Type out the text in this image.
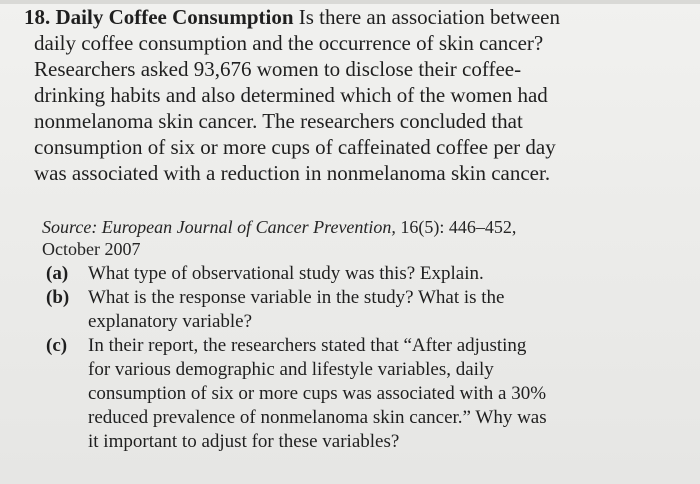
18. Daily Coffee Consumption Is there an association between
daily coffee consumption and the occurrence of skin cancer?
Researchers asked 93,676 women to disclose their coffee-
drinking habits and also determined which of the women had
nonmelanoma skin cancer. The researchers concluded that
consumption of six or more cups of caffeinated coffee per day
was associated with a reduction in nonmelanoma skin cancer.
Source: European Journal of Cancer Prevention, 16(5): 446–452,
October 2007
(a) What type of observational study was this? Explain.
(b) What is the response variable in the study? What is the
explanatory variable?
(c) In their report, the researchers stated that “After adjusting
for various demographic and lifestyle variables, daily
consumption of six or more cups was associated with a 30%
reduced prevalence of nonmelanoma skin cancer.” Why was
it important to adjust for these variables?
